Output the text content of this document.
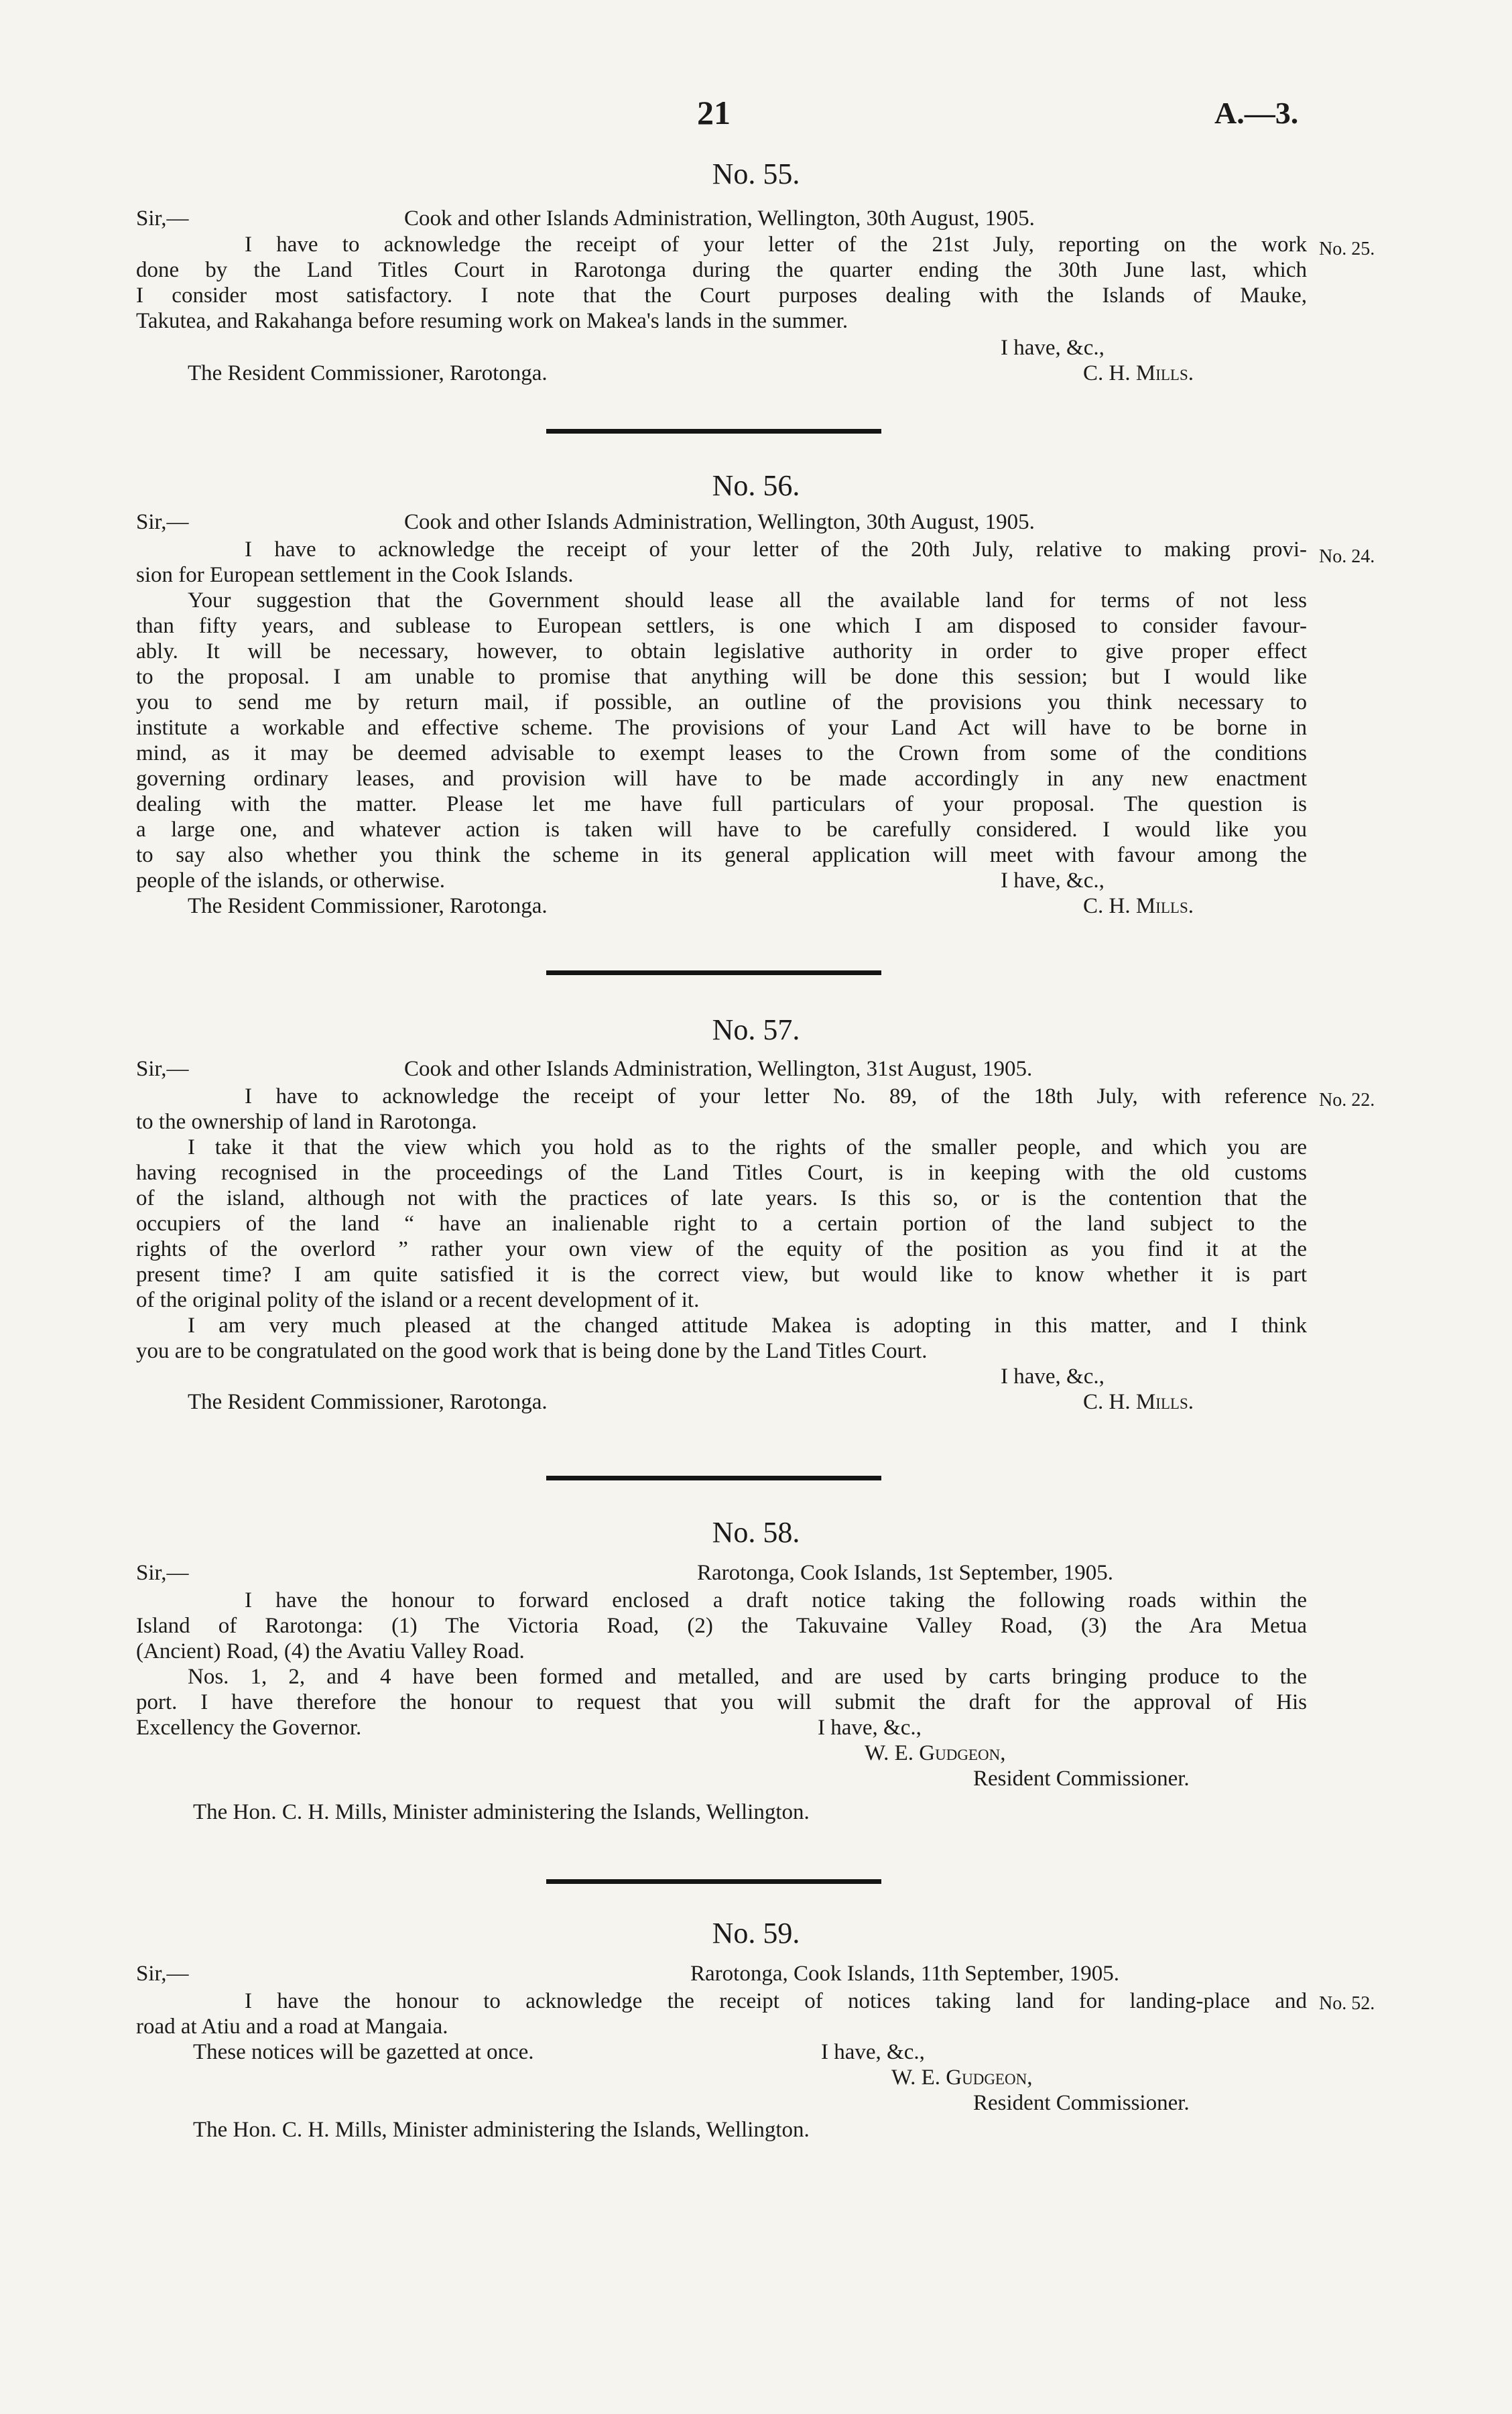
21	A.—3.
No. 55.
Sir,—	Cook and other Islands Administration, Wellington, 30th August, 1905.
No. 25.
I have to acknowledge the receipt of your letter of the 21st July, reporting on the work
done by the Land Titles Court in Rarotonga during the quarter ending the 30th June last, which
I consider most satisfactory. I note that the Court purposes dealing with the Islands of Mauke,
Takutea, and Rakahanga before resuming work on Makea's lands in the summer.
I have, &c.,
The Resident Commissioner, Rarotonga.	C. H. Mills.
No. 56.
Sir,—	Cook and other Islands Administration, Wellington, 30th August, 1905.
No. 24.
I have to acknowledge the receipt of your letter of the 20th July, relative to making provi-
sion for European settlement in the Cook Islands.
Your suggestion that the Government should lease all the available land for terms of not less
than fifty years, and sublease to European settlers, is one which I am disposed to consider favour-
ably. It will be necessary, however, to obtain legislative authority in order to give proper effect
to the proposal. I am unable to promise that anything will be done this session; but I would like
you to send me by return mail, if possible, an outline of the provisions you think necessary to
institute a workable and effective scheme. The provisions of your Land Act will have to be borne in
mind, as it may be deemed advisable to exempt leases to the Crown from some of the conditions
governing ordinary leases, and provision will have to be made accordingly in any new enactment
dealing with the matter. Please let me have full particulars of your proposal. The question is
a large one, and whatever action is taken will have to be carefully considered. I would like you
to say also whether you think the scheme in its general application will meet with favour among the
people of the islands, or otherwise.	I have, &c.,
The Resident Commissioner, Rarotonga.	C. H. Mills.
No. 57.
Sir,—	Cook and other Islands Administration, Wellington, 31st August, 1905.
No. 22.
I have to acknowledge the receipt of your letter No. 89, of the 18th July, with reference
to the ownership of land in Rarotonga.
I take it that the view which you hold as to the rights of the smaller people, and which you are
having recognised in the proceedings of the Land Titles Court, is in keeping with the old customs
of the island, although not with the practices of late years. Is this so, or is the contention that the
occupiers of the land “ have an inalienable right to a certain portion of the land subject to the
rights of the overlord ” rather your own view of the equity of the position as you find it at the
present time? I am quite satisfied it is the correct view, but would like to know whether it is part
of the original polity of the island or a recent development of it.
I am very much pleased at the changed attitude Makea is adopting in this matter, and I think
you are to be congratulated on the good work that is being done by the Land Titles Court.
I have, &c.,
The Resident Commissioner, Rarotonga.	C. H. Mills.
No. 58.
Sir,—	Rarotonga, Cook Islands, 1st September, 1905.
I have the honour to forward enclosed a draft notice taking the following roads within the
Island of Rarotonga: (1) The Victoria Road, (2) the Takuvaine Valley Road, (3) the Ara Metua
(Ancient) Road, (4) the Avatiu Valley Road.
Nos. 1, 2, and 4 have been formed and metalled, and are used by carts bringing produce to the
port. I have therefore the honour to request that you will submit the draft for the approval of His
Excellency the Governor.	I have, &c.,
W. E. Gudgeon,
Resident Commissioner.
The Hon. C. H. Mills, Minister administering the Islands, Wellington.
No. 59.
Sir,—	Rarotonga, Cook Islands, 11th September, 1905.
No. 52.
I have the honour to acknowledge the receipt of notices taking land for landing-place and
road at Atiu and a road at Mangaia.
These notices will be gazetted at once.	I have, &c.,
W. E. Gudgeon,
Resident Commissioner.
The Hon. C. H. Mills, Minister administering the Islands, Wellington.
